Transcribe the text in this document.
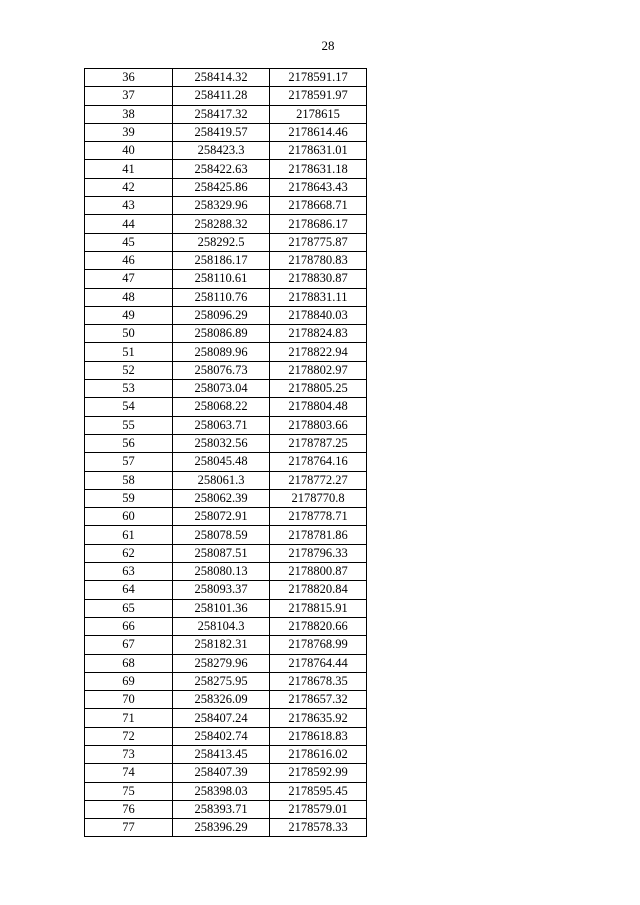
28
36	258414.32	2178591.17
37	258411.28	2178591.97
38	258417.32	2178615
39	258419.57	2178614.46
40	258423.3	2178631.01
41	258422.63	2178631.18
42	258425.86	2178643.43
43	258329.96	2178668.71
44	258288.32	2178686.17
45	258292.5	2178775.87
46	258186.17	2178780.83
47	258110.61	2178830.87
48	258110.76	2178831.11
49	258096.29	2178840.03
50	258086.89	2178824.83
51	258089.96	2178822.94
52	258076.73	2178802.97
53	258073.04	2178805.25
54	258068.22	2178804.48
55	258063.71	2178803.66
56	258032.56	2178787.25
57	258045.48	2178764.16
58	258061.3	2178772.27
59	258062.39	2178770.8
60	258072.91	2178778.71
61	258078.59	2178781.86
62	258087.51	2178796.33
63	258080.13	2178800.87
64	258093.37	2178820.84
65	258101.36	2178815.91
66	258104.3	2178820.66
67	258182.31	2178768.99
68	258279.96	2178764.44
69	258275.95	2178678.35
70	258326.09	2178657.32
71	258407.24	2178635.92
72	258402.74	2178618.83
73	258413.45	2178616.02
74	258407.39	2178592.99
75	258398.03	2178595.45
76	258393.71	2178579.01
77	258396.29	2178578.33
